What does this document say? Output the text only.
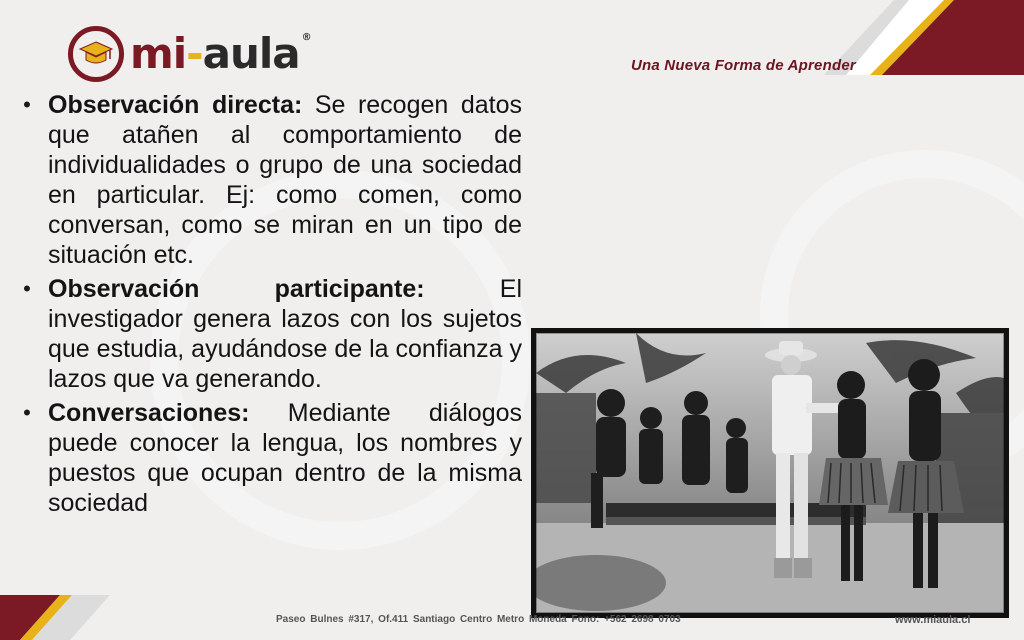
mi-aula ®
Una Nueva Forma de Aprender
• Observación directa: Se recogen datos que atañen al comportamiento de individualidades o grupo de una sociedad en particular. Ej: como comen, como conversan, como se miran en un tipo de situación etc.
• Observación participante:	El investigador genera lazos con los sujetos que estudia, ayudándose de la confianza y lazos que va generando.
• Conversaciones: Mediante diálogos puede conocer la lengua, los nombres y puestos que ocupan dentro de la misma sociedad
Paseo Bulnes #317, Of.411 Santiago Centro Metro Moneda Fono: +562 2698 0703	www.miaula.cl
